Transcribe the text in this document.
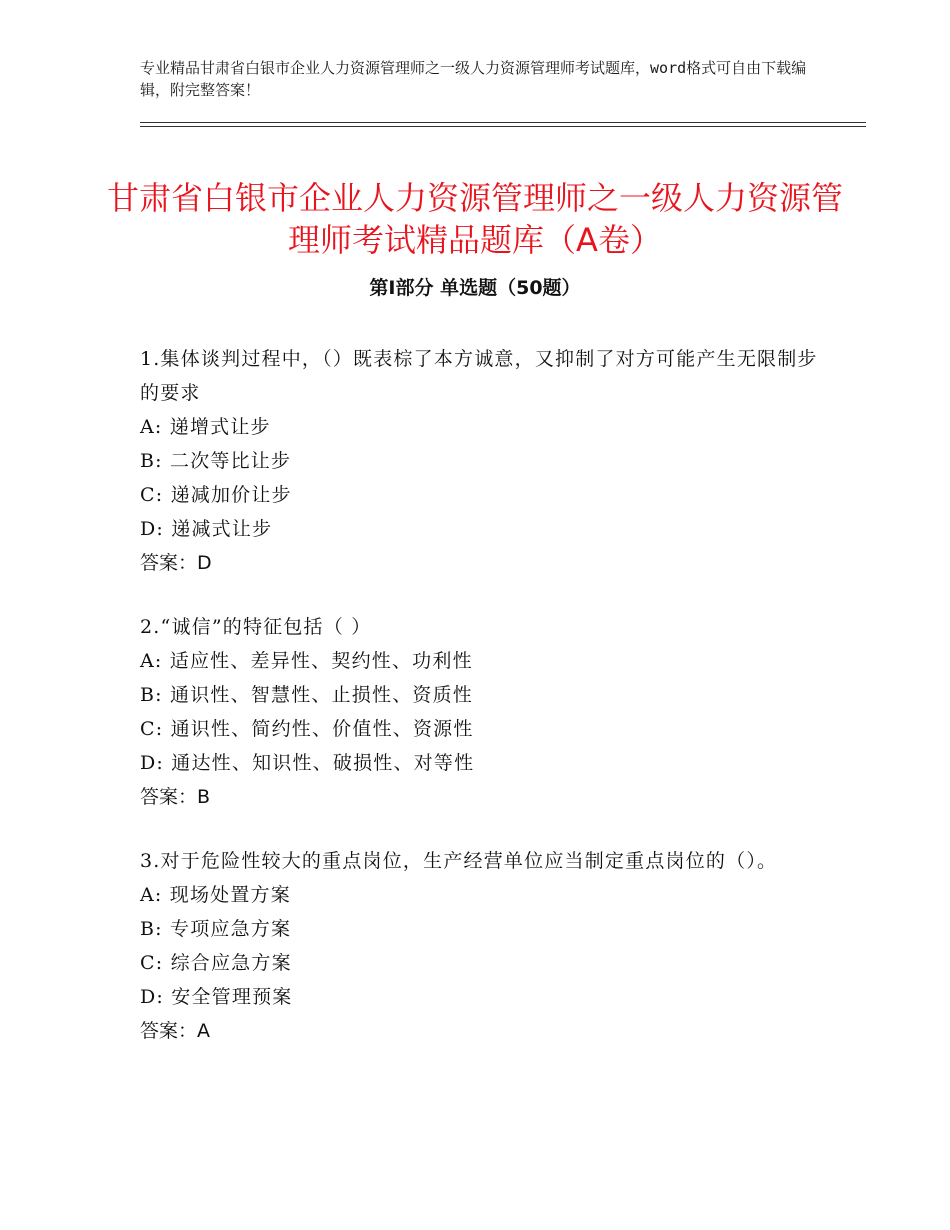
专业精品甘肃省白银市企业人力资源管理师之一级人力资源管理师考试题库，word格式可自由下载编辑，附完整答案！
甘肃省白银市企业人力资源管理师之一级人力资源管理师考试精品题库（A卷）
第I部分 单选题（50题）

1.集体谈判过程中，（）既表棕了本方诚意，又抑制了对方可能产生无限制步的要求

A: 递增式让步

B: 二次等比让步

C: 递减加价让步

D: 递减式让步

答案：D

2.“诚信”的特征包括（ ）

A: 适应性、差异性、契约性、功利性

B: 通识性、智慧性、止损性、资质性

C: 通识性、简约性、价值性、资源性

D: 通达性、知识性、破损性、对等性

答案：B

3.对于危险性较大的重点岗位，生产经营单位应当制定重点岗位的（）。

A: 现场处置方案

B: 专项应急方案

C: 综合应急方案

D: 安全管理预案

答案：A
